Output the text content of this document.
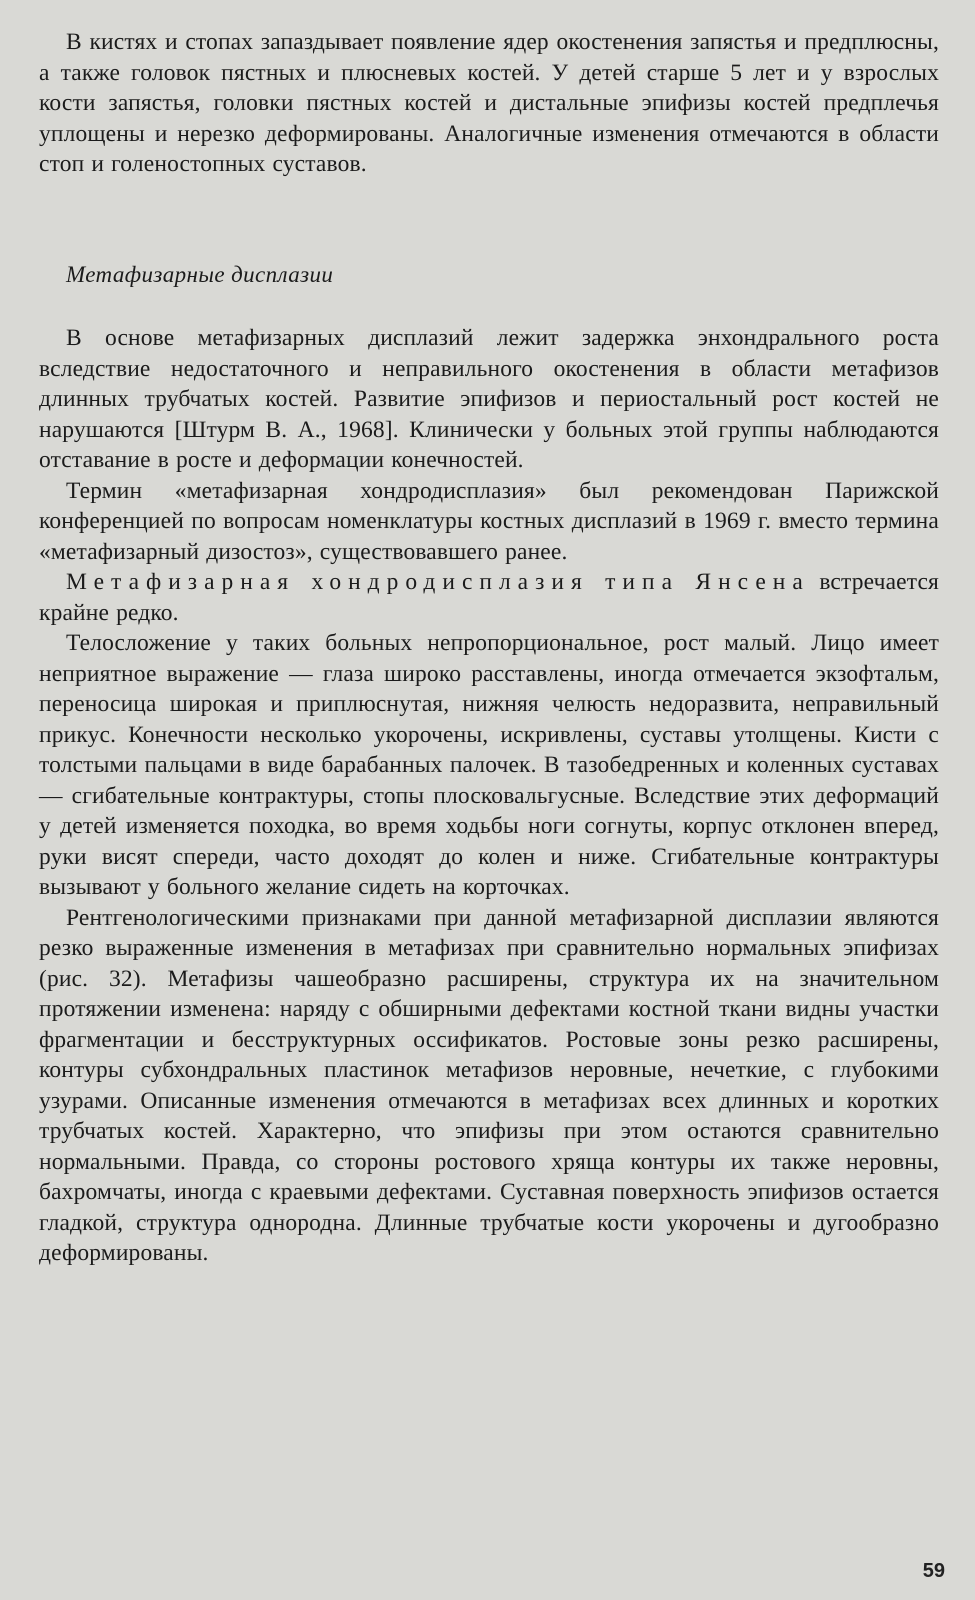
В кистях и стопах запаздывает появление ядер окостенения запястья и предплюсны, а также головок пястных и плюсневых костей. У детей старше 5 лет и у взрослых кости запястья, головки пястных костей и дистальные эпифизы костей предплечья уплощены и нерезко деформированы. Аналогичные изменения отмечаются в области стоп и голеностопных суставов.

Метафизарные дисплазии

В основе метафизарных дисплазий лежит задержка энхондрального роста вследствие недостаточного и неправильного окостенения в области метафизов длинных трубчатых костей. Развитие эпифизов и периостальный рост костей не нарушаются [Штурм В. А., 1968]. Клинически у больных этой группы наблюдаются отставание в росте и деформации конечностей.

Термин «метафизарная хондродисплазия» был рекомендован Парижской конференцией по вопросам номенклатуры костных дисплазий в 1969 г. вместо термина «метафизарный дизостоз», существовавшего ранее.

Метафизарная хондродисплазия типа Янсена встречается крайне редко.

Телосложение у таких больных непропорциональное, рост малый. Лицо имеет неприятное выражение — глаза широко расставлены, иногда отмечается экзофтальм, переносица широкая и приплюснутая, нижняя челюсть недоразвита, неправильный прикус. Конечности несколько укорочены, искривлены, суставы утолщены. Кисти с толстыми пальцами в виде барабанных палочек. В тазобедренных и коленных суставах — сгибательные контрактуры, стопы плосковальгусные. Вследствие этих деформаций у детей изменяется походка, во время ходьбы ноги согнуты, корпус отклонен вперед, руки висят спереди, часто доходят до колен и ниже. Сгибательные контрактуры вызывают у больного желание сидеть на корточках.

Рентгенологическими признаками при данной метафизарной дисплазии являются резко выраженные изменения в метафизах при сравнительно нормальных эпифизах (рис. 32). Метафизы чашеобразно расширены, структура их на значительном протяжении изменена: наряду с обширными дефектами костной ткани видны участки фрагментации и бесструктурных оссификатов. Ростовые зоны резко расширены, контуры субхондральных пластинок метафизов неровные, нечеткие, с глубокими узурами. Описанные изменения отмечаются в метафизах всех длинных и коротких трубчатых костей. Характерно, что эпифизы при этом остаются сравнительно нормальными. Правда, со стороны ростового хряща контуры их также неровны, бахромчаты, иногда с краевыми дефектами. Суставная поверхность эпифизов остается гладкой, структура однородна. Длинные трубчатые кости укорочены и дугообразно деформированы.

59
